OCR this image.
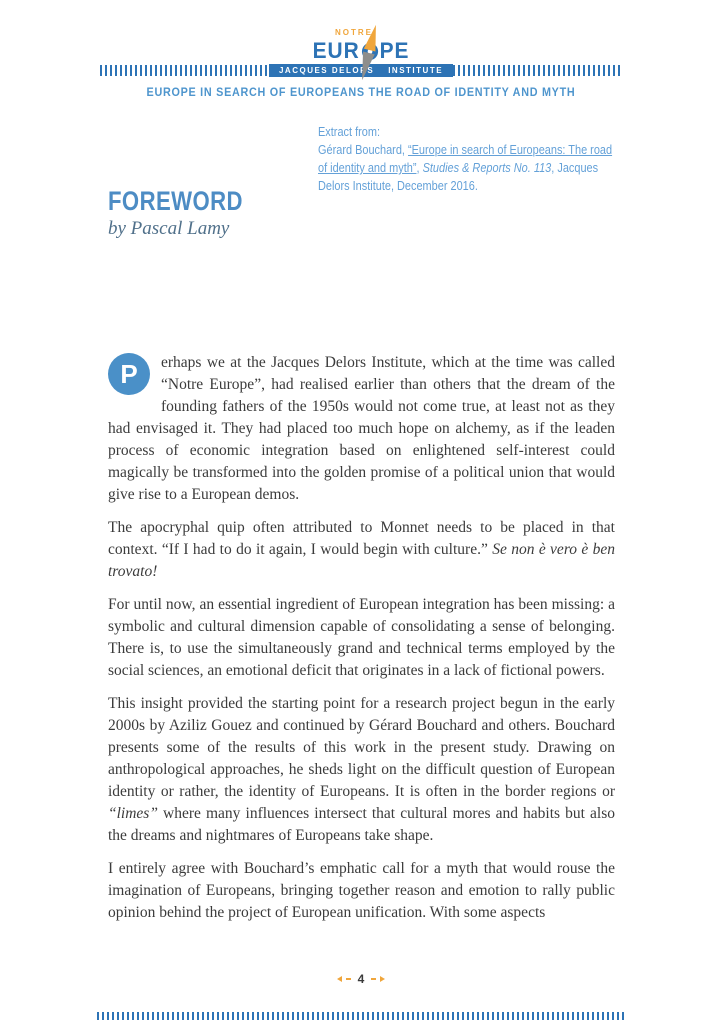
NOTRE
EUR PE
JACQUES DELORS INSTITUTE
EUROPE IN SEARCH OF EUROPEANS THE ROAD OF IDENTITY AND MYTH
Extract from:
Gérard Bouchard, “Europe in search of Europeans: The road of identity and myth”, Studies & Reports No. 113, Jacques Delors Institute, December 2016.
FOREWORD
by Pascal Lamy

P	erhaps we at the Jacques Delors Institute, which at the time was called “Notre Europe”, had realised earlier than others that the dream of the founding fathers of the 1950s would not come true, at least not as they had envisaged it. They had placed too much hope on alchemy, as if the leaden process of economic integration based on enlightened self-interest could magically be transformed into the golden promise of a political union that would give rise to a European demos.

The apocryphal quip often attributed to Monnet needs to be placed in that context. “If I had to do it again, I would begin with culture.” Se non è vero è ben trovato!

For until now, an essential ingredient of European integration has been missing: a symbolic and cultural dimension capable of consolidating a sense of belonging. There is, to use the simultaneously grand and technical terms employed by the social sciences, an emotional deficit that originates in a lack of fictional powers.

This insight provided the starting point for a research project begun in the early 2000s by Aziliz Gouez and continued by Gérard Bouchard and others. Bouchard presents some of the results of this work in the present study. Drawing on anthropological approaches, he sheds light on the difficult question of European identity or rather, the identity of Europeans. It is often in the border regions or “limes” where many influences intersect that cultural mores and habits but also the dreams and nightmares of Europeans take shape.

I entirely agree with Bouchard’s emphatic call for a myth that would rouse the imagination of Europeans, bringing together reason and emotion to rally public opinion behind the project of European unification. With some aspects

4
